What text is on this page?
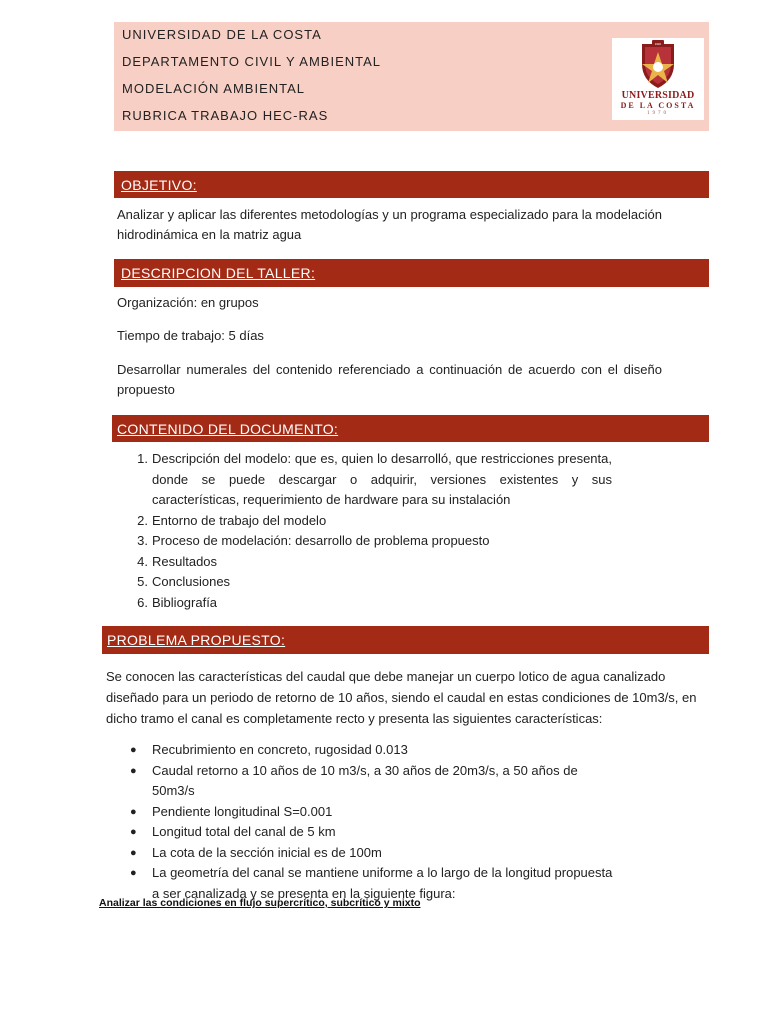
UNIVERSIDAD DE LA COSTA
DEPARTAMENTO CIVIL Y AMBIENTAL
MODELACIÓN AMBIENTAL
RUBRICA TRABAJO HEC-RAS
cuc
UNIVERSIDAD
DE LA COSTA
1970
OBJETIVO:
Analizar y aplicar las diferentes metodologías y un programa especializado para la modelación hidrodinámica en la matriz agua
DESCRIPCION DEL TALLER:
Organización: en grupos
Tiempo de trabajo: 5 días
Desarrollar numerales del contenido referenciado a continuación de acuerdo con el diseño propuesto
CONTENIDO DEL DOCUMENTO:
1. Descripción del modelo: que es, quien lo desarrolló, que restricciones presenta, donde se puede descargar o adquirir, versiones existentes y sus características, requerimiento de hardware para su instalación
2. Entorno de trabajo del modelo
3. Proceso de modelación: desarrollo de problema propuesto
4. Resultados
5. Conclusiones
6. Bibliografía
PROBLEMA PROPUESTO:
Se conocen las características del caudal que debe manejar un cuerpo lotico de agua canalizado diseñado para un periodo de retorno de 10 años, siendo el caudal en estas condiciones de 10m3/s, en dicho tramo el canal es completamente recto y presenta las siguientes características:
● Recubrimiento en concreto, rugosidad 0.013
● Caudal retorno a 10 años de 10 m3/s, a 30 años de 20m3/s, a 50 años de 50m3/s
● Pendiente longitudinal S=0.001
● Longitud total del canal de 5 km
● La cota de la sección inicial es de 100m
● La geometría del canal se mantiene uniforme a lo largo de la longitud propuesta a ser canalizada y se presenta en la siguiente figura:
Analizar las condiciones en flujo supercrítico, subcrítico y mixto
